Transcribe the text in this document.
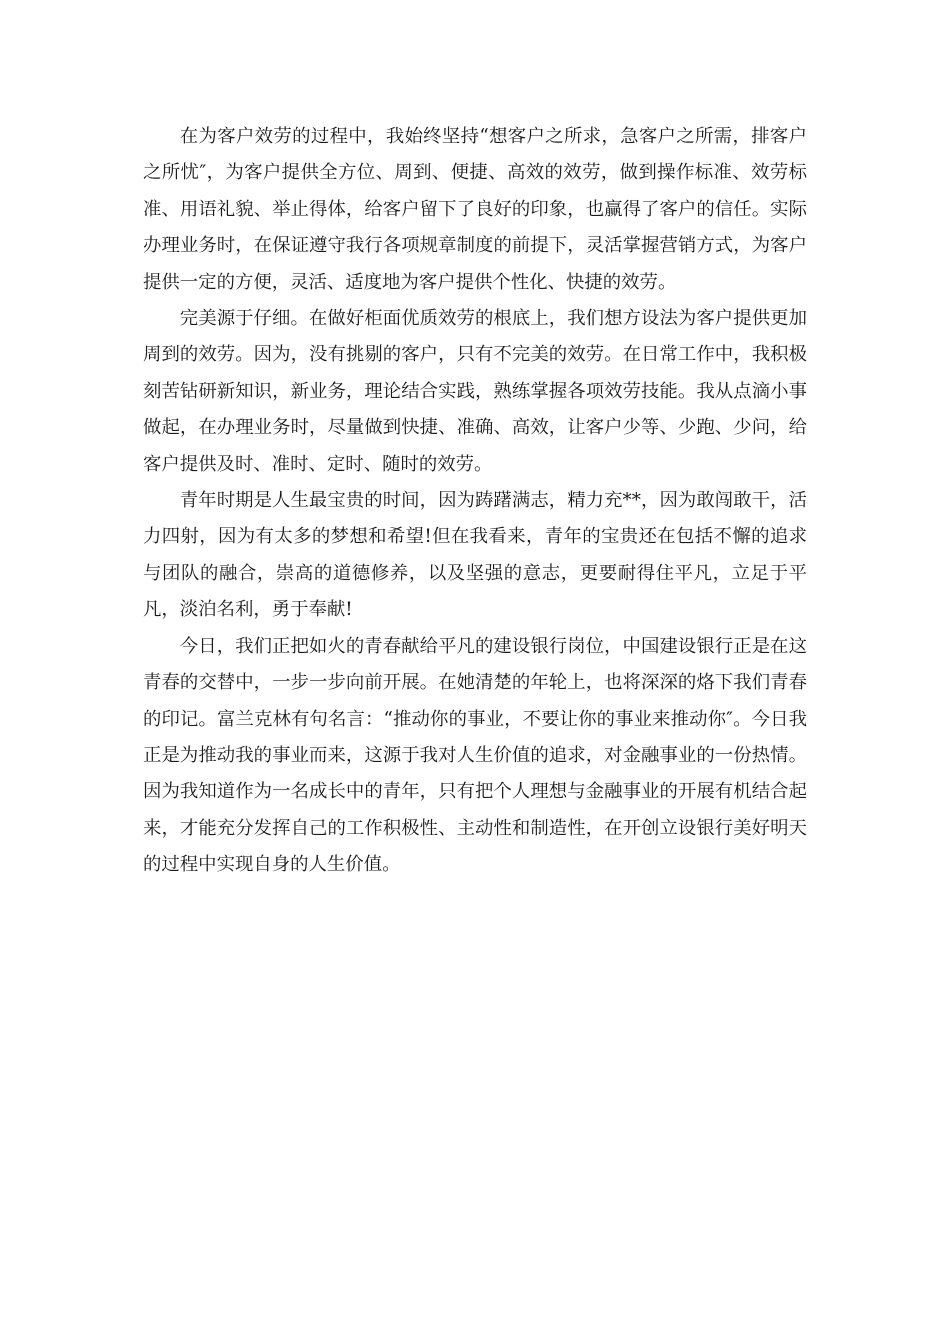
在为客户效劳的过程中，我始终坚持“想客户之所求，急客户之所需，排客户之所忧″，为客户提供全方位、周到、便捷、高效的效劳，做到操作标准、效劳标准、用语礼貌、举止得体，给客户留下了良好的印象，也赢得了客户的信任。实际办理业务时，在保证遵守我行各项规章制度的前提下，灵活掌握营销方式，为客户提供一定的方便，灵活、适度地为客户提供个性化、快捷的效劳。

完美源于仔细。在做好柜面优质效劳的根底上，我们想方设法为客户提供更加周到的效劳。因为，没有挑剔的客户，只有不完美的效劳。在日常工作中，我积极刻苦钻研新知识，新业务，理论结合实践，熟练掌握各项效劳技能。我从点滴小事做起，在办理业务时，尽量做到快捷、准确、高效，让客户少等、少跑、少问，给客户提供及时、准时、定时、随时的效劳。

青年时期是人生最宝贵的时间，因为踌躇满志，精力充**，因为敢闯敢干，活力四射，因为有太多的梦想和希望!但在我看来，青年的宝贵还在包括不懈的追求与团队的融合，崇高的道德修养，以及坚强的意志，更要耐得住平凡，立足于平凡，淡泊名利，勇于奉献!

今日，我们正把如火的青春献给平凡的建设银行岗位，中国建设银行正是在这青春的交替中，一步一步向前开展。在她清楚的年轮上，也将深深的烙下我们青春的印记。富兰克林有句名言：“推动你的事业，不要让你的事业来推动你″。今日我正是为推动我的事业而来，这源于我对人生价值的追求，对金融事业的一份热情。因为我知道作为一名成长中的青年，只有把个人理想与金融事业的开展有机结合起来，才能充分发挥自己的工作积极性、主动性和制造性，在开创立设银行美好明天的过程中实现自身的人生价值。
